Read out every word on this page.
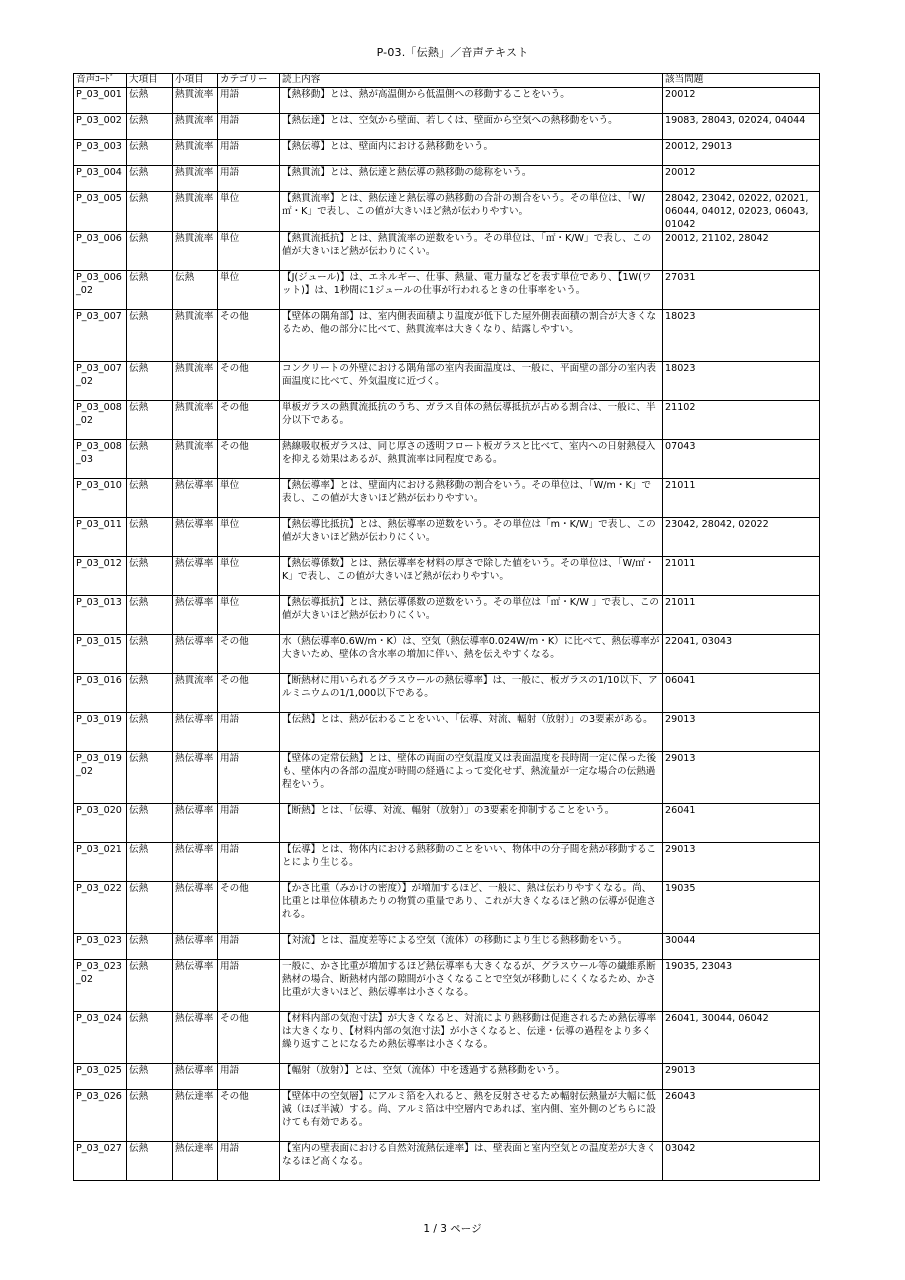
P-03.「伝熱」／音声テキスト
音声ｺｰﾄﾞ	大項目	小項目	カテゴリー	読上内容	該当問題
P_03_001	伝熱	熱貫流率	用語	【熱移動】とは、熱が高温側から低温側への移動することをいう。	20012
P_03_002	伝熱	熱貫流率	用語	【熱伝達】とは、空気から壁面、若しくは、壁面から空気への熱移動をいう。	19083, 28043, 02024, 04044
P_03_003	伝熱	熱貫流率	用語	【熱伝導】とは、壁面内における熱移動をいう。	20012, 29013
P_03_004	伝熱	熱貫流率	用語	【熱貫流】とは、熱伝達と熱伝導の熱移動の総称をいう。	20012
P_03_005	伝熱	熱貫流率	単位	【熱貫流率】とは、熱伝達と熱伝導の熱移動の合計の割合をいう。その単位は、「W/㎡・K」で表し、この値が大きいほど熱が伝わりやすい。	28042, 23042, 02022, 02021, 06044, 04012, 02023, 06043, 01042
P_03_006	伝熱	熱貫流率	単位	【熱貫流抵抗】とは、熱貫流率の逆数をいう。その単位は、「㎡・K/W」で表し、この値が大きいほど熱が伝わりにくい。	20012, 21102, 28042
P_03_006_02	伝熱	伝熱	単位	【J(ジュール)】は、エネルギー、仕事、熱量、電力量などを表す単位であり、【1W(ワット)】は、1秒間に1ジュールの仕事が行われるときの仕事率をいう。	27031
P_03_007	伝熱	熱貫流率	その他	【壁体の隅角部】は、室内側表面積より温度が低下した屋外側表面積の割合が大きくなるため、他の部分に比べて、熱貫流率は大きくなり、結露しやすい。	18023
P_03_007_02	伝熱	熱貫流率	その他	コンクリートの外壁における隅角部の室内表面温度は、一般に、平面壁の部分の室内表面温度に比べて、外気温度に近づく。	18023
P_03_008_02	伝熱	熱貫流率	その他	単板ガラスの熱貫流抵抗のうち、ガラス自体の熱伝導抵抗が占める割合は、一般に、半分以下である。	21102
P_03_008_03	伝熱	熱貫流率	その他	熱線吸収板ガラスは、同じ厚さの透明フロート板ガラスと比べて、室内への日射熱侵入を抑える効果はあるが、熱貫流率は同程度である。	07043
P_03_010	伝熱	熱伝導率	単位	【熱伝導率】とは、壁面内における熱移動の割合をいう。その単位は、「W/m・K」で表し、この値が大きいほど熱が伝わりやすい。	21011
P_03_011	伝熱	熱伝導率	単位	【熱伝導比抵抗】とは、熱伝導率の逆数をいう。その単位は「m・K/W」で表し、この値が大きいほど熱が伝わりにくい。	23042, 28042, 02022
P_03_012	伝熱	熱伝導率	単位	【熱伝導係数】とは、熱伝導率を材料の厚さで除した値をいう。その単位は、「W/㎡・K」で表し、この値が大きいほど熱が伝わりやすい。	21011
P_03_013	伝熱	熱伝導率	単位	【熱伝導抵抗】とは、熱伝導係数の逆数をいう。その単位は「㎡・K/W 」で表し、この値が大きいほど熱が伝わりにくい。	21011
P_03_015	伝熱	熱伝導率	その他	水（熱伝導率0.6W/m・K）は、空気（熱伝導率0.024W/m・K）に比べて、熱伝導率が大きいため、壁体の含水率の増加に伴い、熱を伝えやすくなる。	22041, 03043
P_03_016	伝熱	熱貫流率	その他	【断熱材に用いられるグラスウールの熱伝導率】は、一般に、板ガラスの1/10以下、アルミニウムの1/1,000以下である。	06041
P_03_019	伝熱	熱伝導率	用語	【伝熱】とは、熱が伝わることをいい、「伝導、対流、輻射（放射）」の3要素がある。	29013
P_03_019_02	伝熱	熱伝導率	用語	【壁体の定常伝熱】とは、壁体の両面の空気温度又は表面温度を長時間一定に保った後も、壁体内の各部の温度が時間の経過によって変化せず、熱流量が一定な場合の伝熱過程をいう。	29013
P_03_020	伝熱	熱伝導率	用語	【断熱】とは、「伝導、対流、輻射（放射）」の3要素を抑制することをいう。	26041
P_03_021	伝熱	熱伝導率	用語	【伝導】とは、物体内における熱移動のことをいい、物体中の分子間を熱が移動することにより生じる。	29013
P_03_022	伝熱	熱伝導率	その他	【かさ比重（みかけの密度）】が増加するほど、一般に、熱は伝わりやすくなる。尚、比重とは単位体積あたりの物質の重量であり、これが大きくなるほど熱の伝導が促進される。	19035
P_03_023	伝熱	熱伝導率	用語	【対流】とは、温度差等による空気（流体）の移動により生じる熱移動をいう。	30044
P_03_023_02	伝熱	熱伝導率	用語	一般に、かさ比重が増加するほど熱伝導率も大きくなるが、グラスウール等の繊維系断熱材の場合、断熱材内部の隙間が小さくなることで空気が移動しにくくなるため、かさ比重が大きいほど、熱伝導率は小さくなる。	19035, 23043
P_03_024	伝熱	熱伝導率	その他	【材料内部の気泡寸法】が大きくなると、対流により熱移動は促進されるため熱伝導率は大きくなり、【材料内部の気泡寸法】が小さくなると、伝達・伝導の過程をより多く繰り返すことになるため熱伝導率は小さくなる。	26041, 30044, 06042
P_03_025	伝熱	熱伝導率	用語	【輻射（放射）】とは、空気（流体）中を透過する熱移動をいう。	29013
P_03_026	伝熱	熱伝達率	その他	【壁体中の空気層】にアルミ箔を入れると、熱を反射させるため輻射伝熱量が大幅に低減（ほぼ半減）する。尚、アルミ箔は中空層内であれば、室内側、室外側のどちらに設けても有効である。	26043
P_03_027	伝熱	熱伝達率	用語	【室内の壁表面における自然対流熱伝達率】は、壁表面と室内空気との温度差が大きくなるほど高くなる。	03042
1 / 3 ページ
